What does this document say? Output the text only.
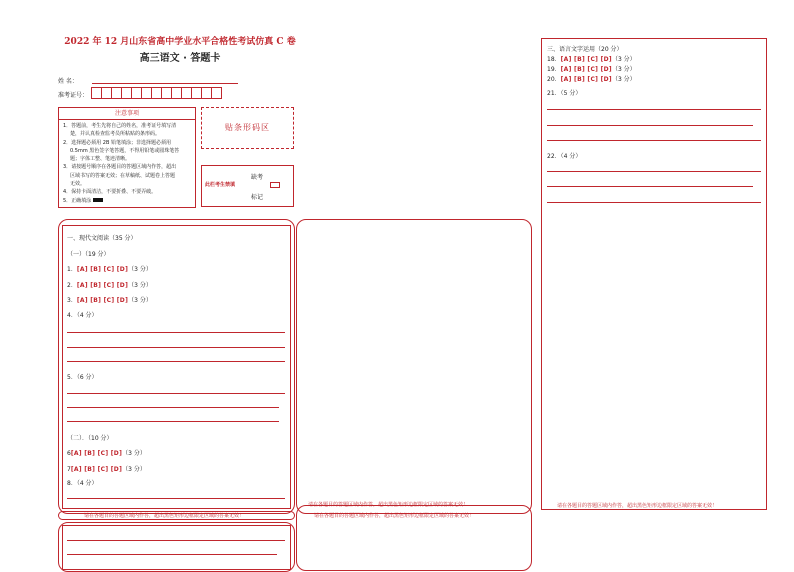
2022 年 12 月山东省高中学业水平合格性考试仿真 C 卷
高三语文 · 答题卡
姓 名：
准考证号：
注意事项
1．答题前，考生先将自己的姓名，准考证号填写清
楚，并认真检查监考员所粘贴的条形码。
2．选择题必须用 2B 铅笔填涂；非选择题必须用
0.5mm 黑色签字笔答题，不得用铅笔或圆珠笔答
题；字体工整、笔迹清晰。
3．请按题号顺序在各题目的答题区域内作答，超出
区域书写的答案无效；在草稿纸、试题卷上答题
无效。
4．保持卡面清洁，不要折叠、不要弄破。
5．正确填涂
贴条形码区
此栏考生禁填
缺考
标记
一、现代文阅读（35 分）
（一）（19 分）
1．[A] [B] [C] [D]（3 分）
2．[A] [B] [C] [D]（3 分）
3．[A] [B] [C] [D]（3 分）
4．（4 分）
5．（6 分）
（二）．（10 分）
6[A] [B] [C] [D]（3 分）
7[A] [B] [C] [D]（3 分）
8．（4 分）
请在各题目的答题区域内作答，超出黑色矩形边框限定区域的答案无效！
请在各题目的答题区域内作答，超出黑色矩形边框限定区域的答案无效！
请在各题目的答题区域内作答，超出黑色矩形边框限定区域的答案无效！
三、语言文字运用（20 分）
18．[A] [B] [C] [D]（3 分）
19．[A] [B] [C] [D]（3 分）
20．[A] [B] [C] [D]（3 分）
21．（5 分）
22．（4 分）
请在各题目的答题区域内作答，超出黑色矩形边框限定区域的答案无效！
